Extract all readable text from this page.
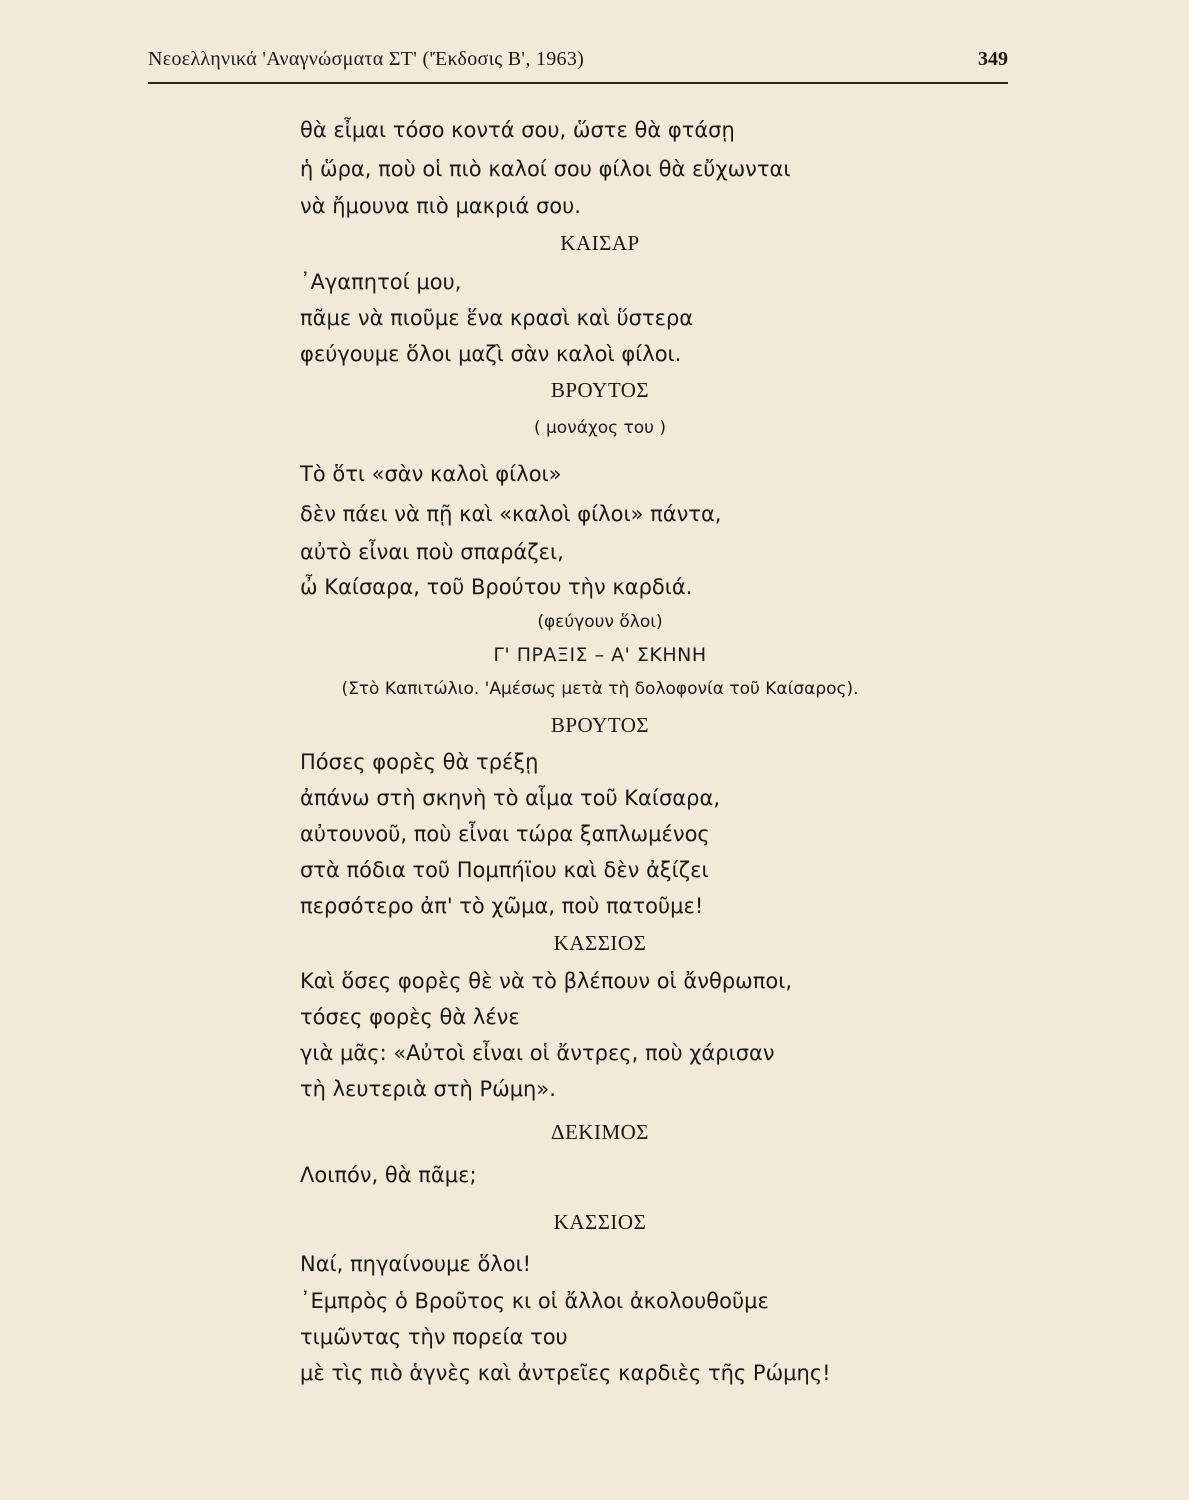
Νεοελληνικά 'Αναγνώσματα ΣΤ' ('Έκδοσις Β', 1963)	349
θὰ εἶμαι τόσο κοντά σου, ὥστε θὰ φτάσῃ
ἡ ὥρα, ποὺ οἱ πιὸ καλοί σου φίλοι θὰ εὔχωνται
νὰ ἤμουνα πιὸ μακριά σου.
ΚΑΙΣΑΡ
᾿Αγαπητοί μου,
πᾶμε νὰ πιοῦμε ἕνα κρασὶ καὶ ὕστερα
φεύγουμε ὅλοι μαζὶ σὰν καλοὶ φίλοι.
ΒΡΟΥΤΟΣ
( μονάχος του )
Τὸ ὅτι «σὰν καλοὶ φίλοι»
δὲν πάει νὰ πῇ καὶ «καλοὶ φίλοι» πάντα,
αὐτὸ εἶναι ποὺ σπαράζει,
ὦ Καίσαρα, τοῦ Βρούτου τὴν καρδιά.
(φεύγουν ὅλοι)
Γ' ΠΡΑΞΙΣ – Α' ΣΚΗΝΗ
(Στὸ Καπιτώλιο. 'Αμέσως μετὰ τὴ δολοφονία τοῦ Καίσαρος).
ΒΡΟΥΤΟΣ
Πόσες φορὲς θὰ τρέξῃ
ἀπάνω στὴ σκηνὴ τὸ αἷμα τοῦ Καίσαρα,
αὐτουνοῦ, ποὺ εἶναι τώρα ξαπλωμένος
στὰ πόδια τοῦ Πομπήϊου καὶ δὲν ἀξίζει
περσότερο ἀπ' τὸ χῶμα, ποὺ πατοῦμε!
ΚΑΣΣΙΟΣ
Καὶ ὅσες φορὲς θὲ νὰ τὸ βλέπουν οἱ ἄνθρωποι,
τόσες φορὲς θὰ λένε
γιὰ μᾶς: «Αὐτοὶ εἶναι οἱ ἄντρες, ποὺ χάρισαν
τὴ λευτεριὰ στὴ Ρώμη».
ΔΕΚΙΜΟΣ
Λοιπόν, θὰ πᾶμε;
ΚΑΣΣΙΟΣ
Ναί, πηγαίνουμε ὅλοι!
᾿Εμπρὸς ὁ Βροῦτος κι οἱ ἄλλοι ἀκολουθοῦμε
τιμῶντας τὴν πορεία του
μὲ τὶς πιὸ ἁγνὲς καὶ ἀντρεῖες καρδιὲς τῆς Ρώμης!
